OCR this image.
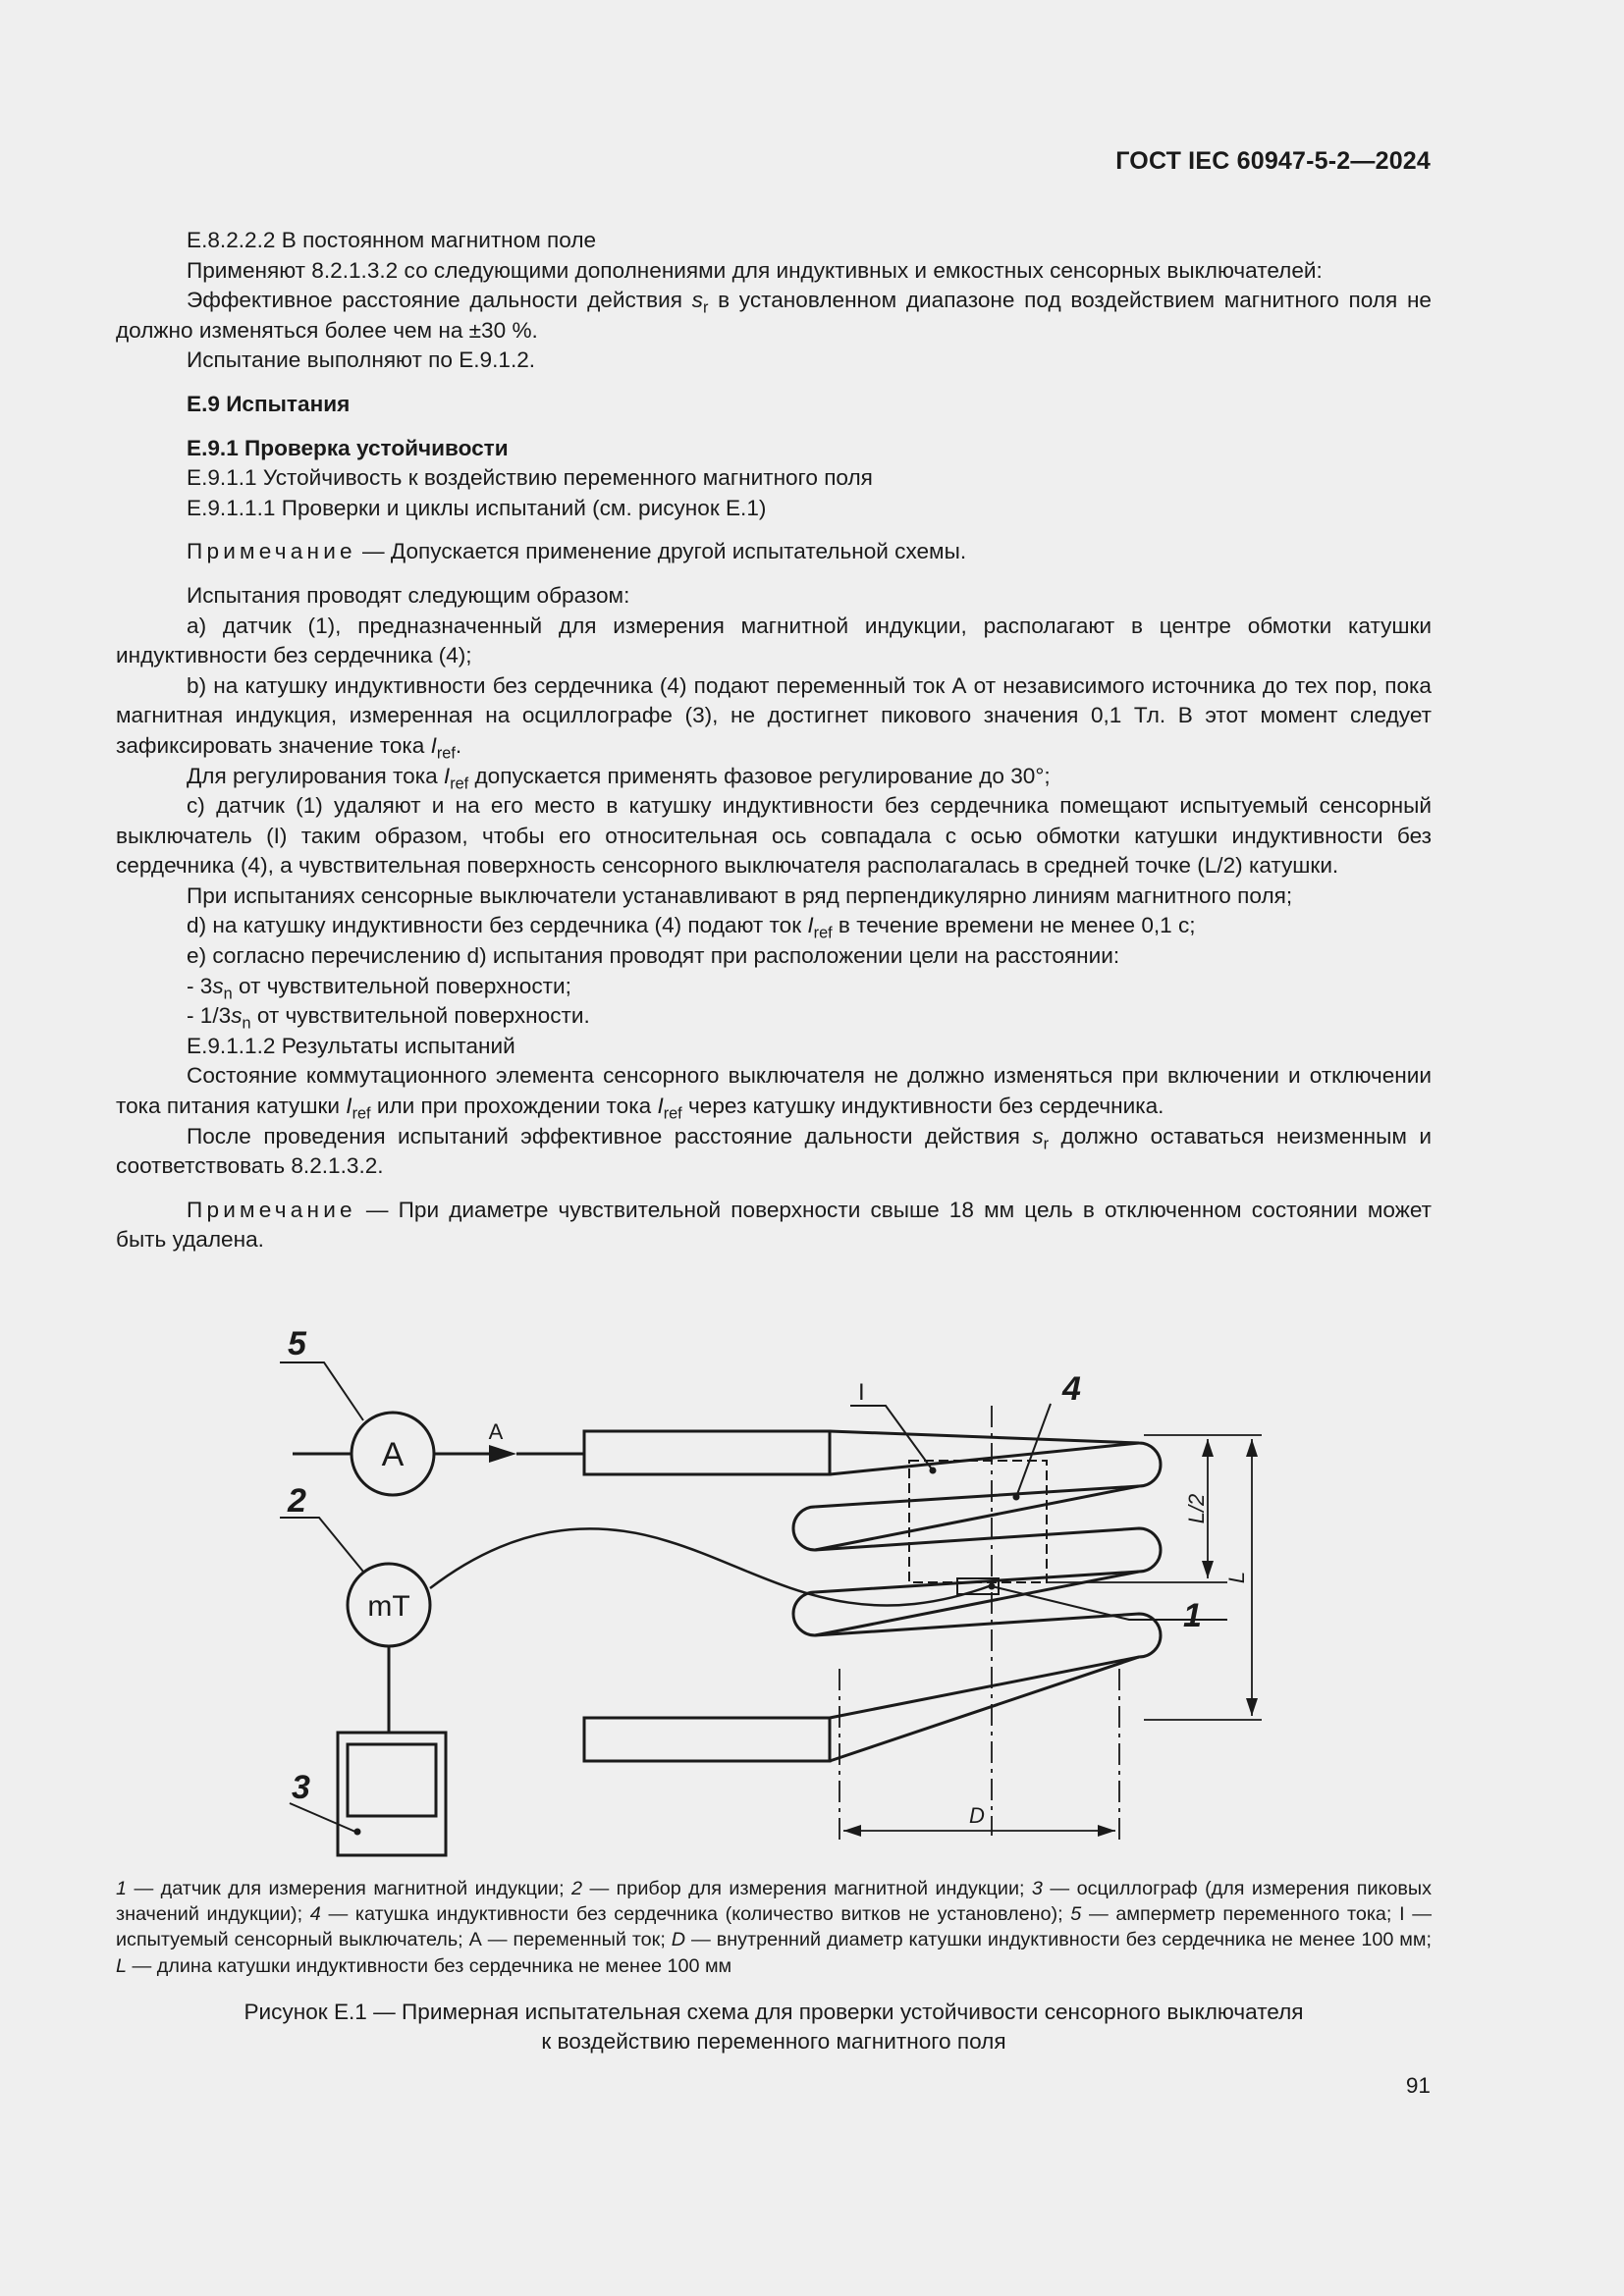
ГОСТ IEC 60947-5-2—2024

Е.8.2.2.2 В постоянном магнитном поле

Применяют 8.2.1.3.2 со следующими дополнениями для индуктивных и емкостных сенсорных выключателей:

Эффективное расстояние дальности действия $s_r$ в установленном диапазоне под воздействием магнитного поля не должно изменяться более чем на ±30 %.

Испытание выполняют по Е.9.1.2.

Е.9 Испытания

Е.9.1 Проверка устойчивости

Е.9.1.1 Устойчивость к воздействию переменного магнитного поля

Е.9.1.1.1 Проверки и циклы испытаний (см. рисунок Е.1)

Примечание — Допускается применение другой испытательной схемы.

Испытания проводят следующим образом:

a) датчик (1), предназначенный для измерения магнитной индукции, располагают в центре обмотки катушки индуктивности без сердечника (4);

b) на катушку индуктивности без сердечника (4) подают переменный ток А от независимого источника до тех пор, пока магнитная индукция, измеренная на осциллографе (3), не достигнет пикового значения 0,1 Тл. В этот момент следует зафиксировать значение тока $I_{ref}$.

Для регулирования тока $I_{ref}$ допускается применять фазовое регулирование до 30°;

c) датчик (1) удаляют и на его место в катушку индуктивности без сердечника помещают испытуемый сенсорный выключатель (I) таким образом, чтобы его относительная ось совпадала с осью обмотки катушки индуктивности без сердечника (4), а чувствительная поверхность сенсорного выключателя располагалась в средней точке (L/2) катушки.

При испытаниях сенсорные выключатели устанавливают в ряд перпендикулярно линиям магнитного поля;

d) на катушку индуктивности без сердечника (4) подают ток $I_{ref}$ в течение времени не менее 0,1 с;

e) согласно перечислению d) испытания проводят при расположении цели на расстоянии:

- $3s_n$ от чувствительной поверхности;

- $1/3s_n$ от чувствительной поверхности.

Е.9.1.1.2 Результаты испытаний

Состояние коммутационного элемента сенсорного выключателя не должно изменяться при включении и отключении тока питания катушки $I_{ref}$ или при прохождении тока $I_{ref}$ через катушку индуктивности без сердечника.

После проведения испытаний эффективное расстояние дальности действия $s_r$ должно оставаться неизменным и соответствовать 8.2.1.3.2.

Примечание — При диаметре чувствительной поверхности свыше 18 мм цель в отключенном состоянии может быть удалена.

5
2
3
4
1
I
A
A
mT
L/2
L
D
1 — датчик для измерения магнитной индукции; 2 — прибор для измерения магнитной индукции; 3 — осциллограф (для измерения пиковых значений индукции); 4 — катушка индуктивности без сердечника (количество витков не установлено); 5 — амперметр переменного тока; I — испытуемый сенсорный выключатель; А — переменный ток; D — внутренний диаметр катушки индуктивности без сердечника не менее 100 мм; L — длина катушки индуктивности без сердечника не менее 100 мм
Рисунок Е.1 — Примерная испытательная схема для проверки устойчивости сенсорного выключателя
к воздействию переменного магнитного поля
91
